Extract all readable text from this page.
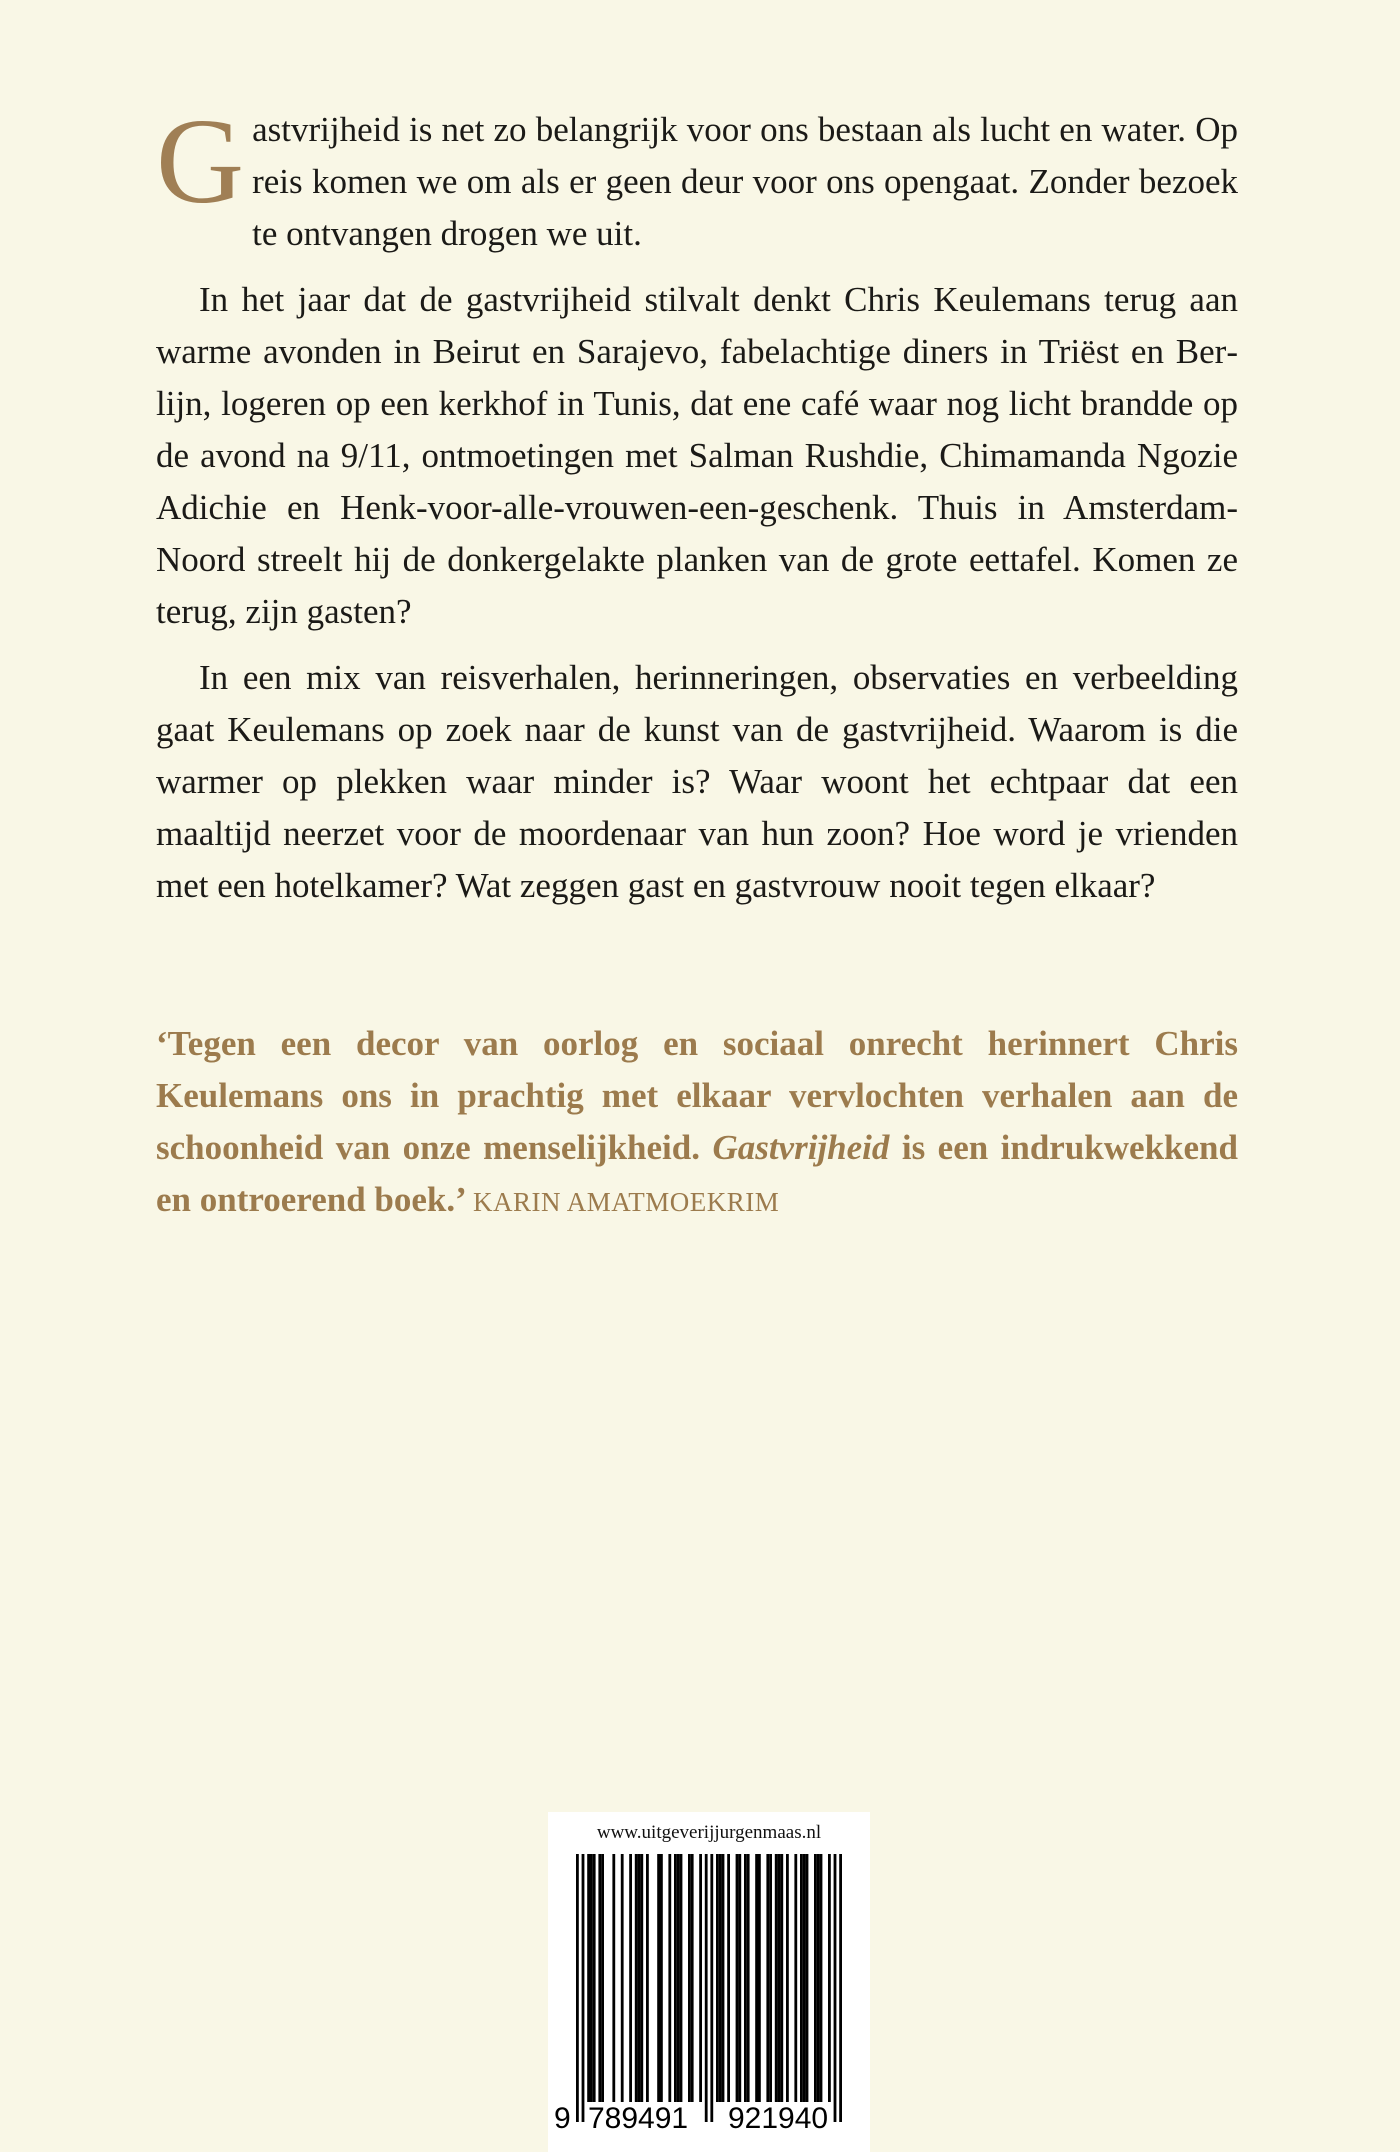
Gastvrijheid is net zo belangrijk voor ons bestaan als lucht en water. Op reis komen we om als er geen deur voor ons opengaat. Zonder bezoek te ontvangen drogen we uit.

In het jaar dat de gastvrijheid stilvalt denkt Chris Keulemans terug aan warme avonden in Beirut en Sarajevo, fabelachtige diners in Triëst en Berlijn, logeren op een kerkhof in Tunis, dat ene café waar nog licht brandde op de avond na 9/11, ontmoetingen met Salman Rushdie, Chimamanda Ngozie Adichie en Henk-voor-alle-vrouwen-een-geschenk. Thuis in Amsterdam-Noord streelt hij de donkergelakte planken van de grote eettafel. Komen ze terug, zijn gasten?

In een mix van reisverhalen, herinneringen, observaties en verbeelding gaat Keulemans op zoek naar de kunst van de gastvrijheid. Waarom is die warmer op plekken waar minder is? Waar woont het echtpaar dat een maaltijd neerzet voor de moordenaar van hun zoon? Hoe word je vrienden met een hotelkamer? Wat zeggen gast en gastvrouw nooit tegen elkaar?

‘Tegen een decor van oorlog en sociaal onrecht herinnert Chris Keulemans ons in prachtig met elkaar vervlochten verhalen aan de schoonheid van onze menselijkheid. Gastvrijheid is een indrukwekkend en ontroerend boek.’ KARIN AMATMOEKRIM

www.uitgeverijjurgenmaas.nl
9 789491 921940
